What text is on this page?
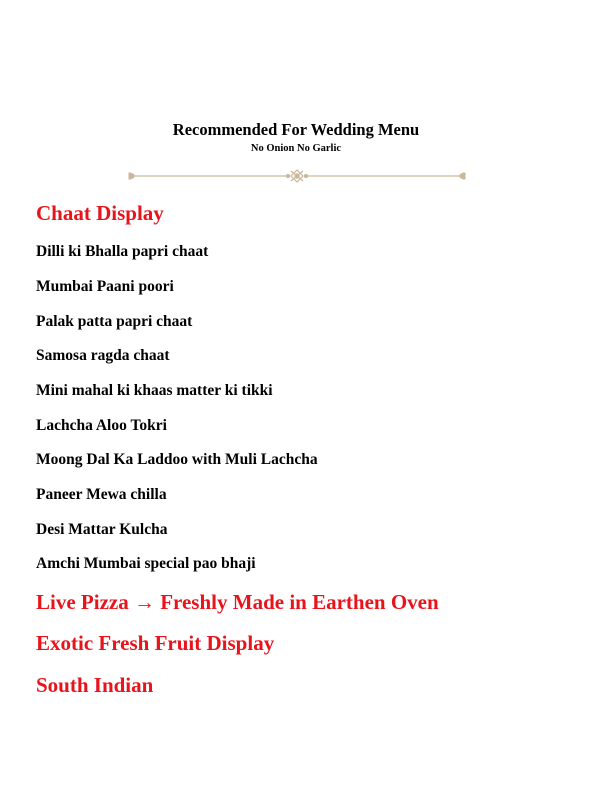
Recommended For Wedding Menu
No Onion No Garlic
Chaat Display
Dilli ki Bhalla papri chaat
Mumbai Paani poori
Palak patta papri chaat
Samosa ragda chaat
Mini mahal ki khaas matter ki tikki
Lachcha Aloo Tokri
Moong Dal Ka Laddoo with Muli Lachcha
Paneer Mewa chilla
Desi Mattar Kulcha
Amchi Mumbai special pao bhaji
Live Pizza → Freshly Made in Earthen Oven
Exotic Fresh Fruit Display
South Indian
